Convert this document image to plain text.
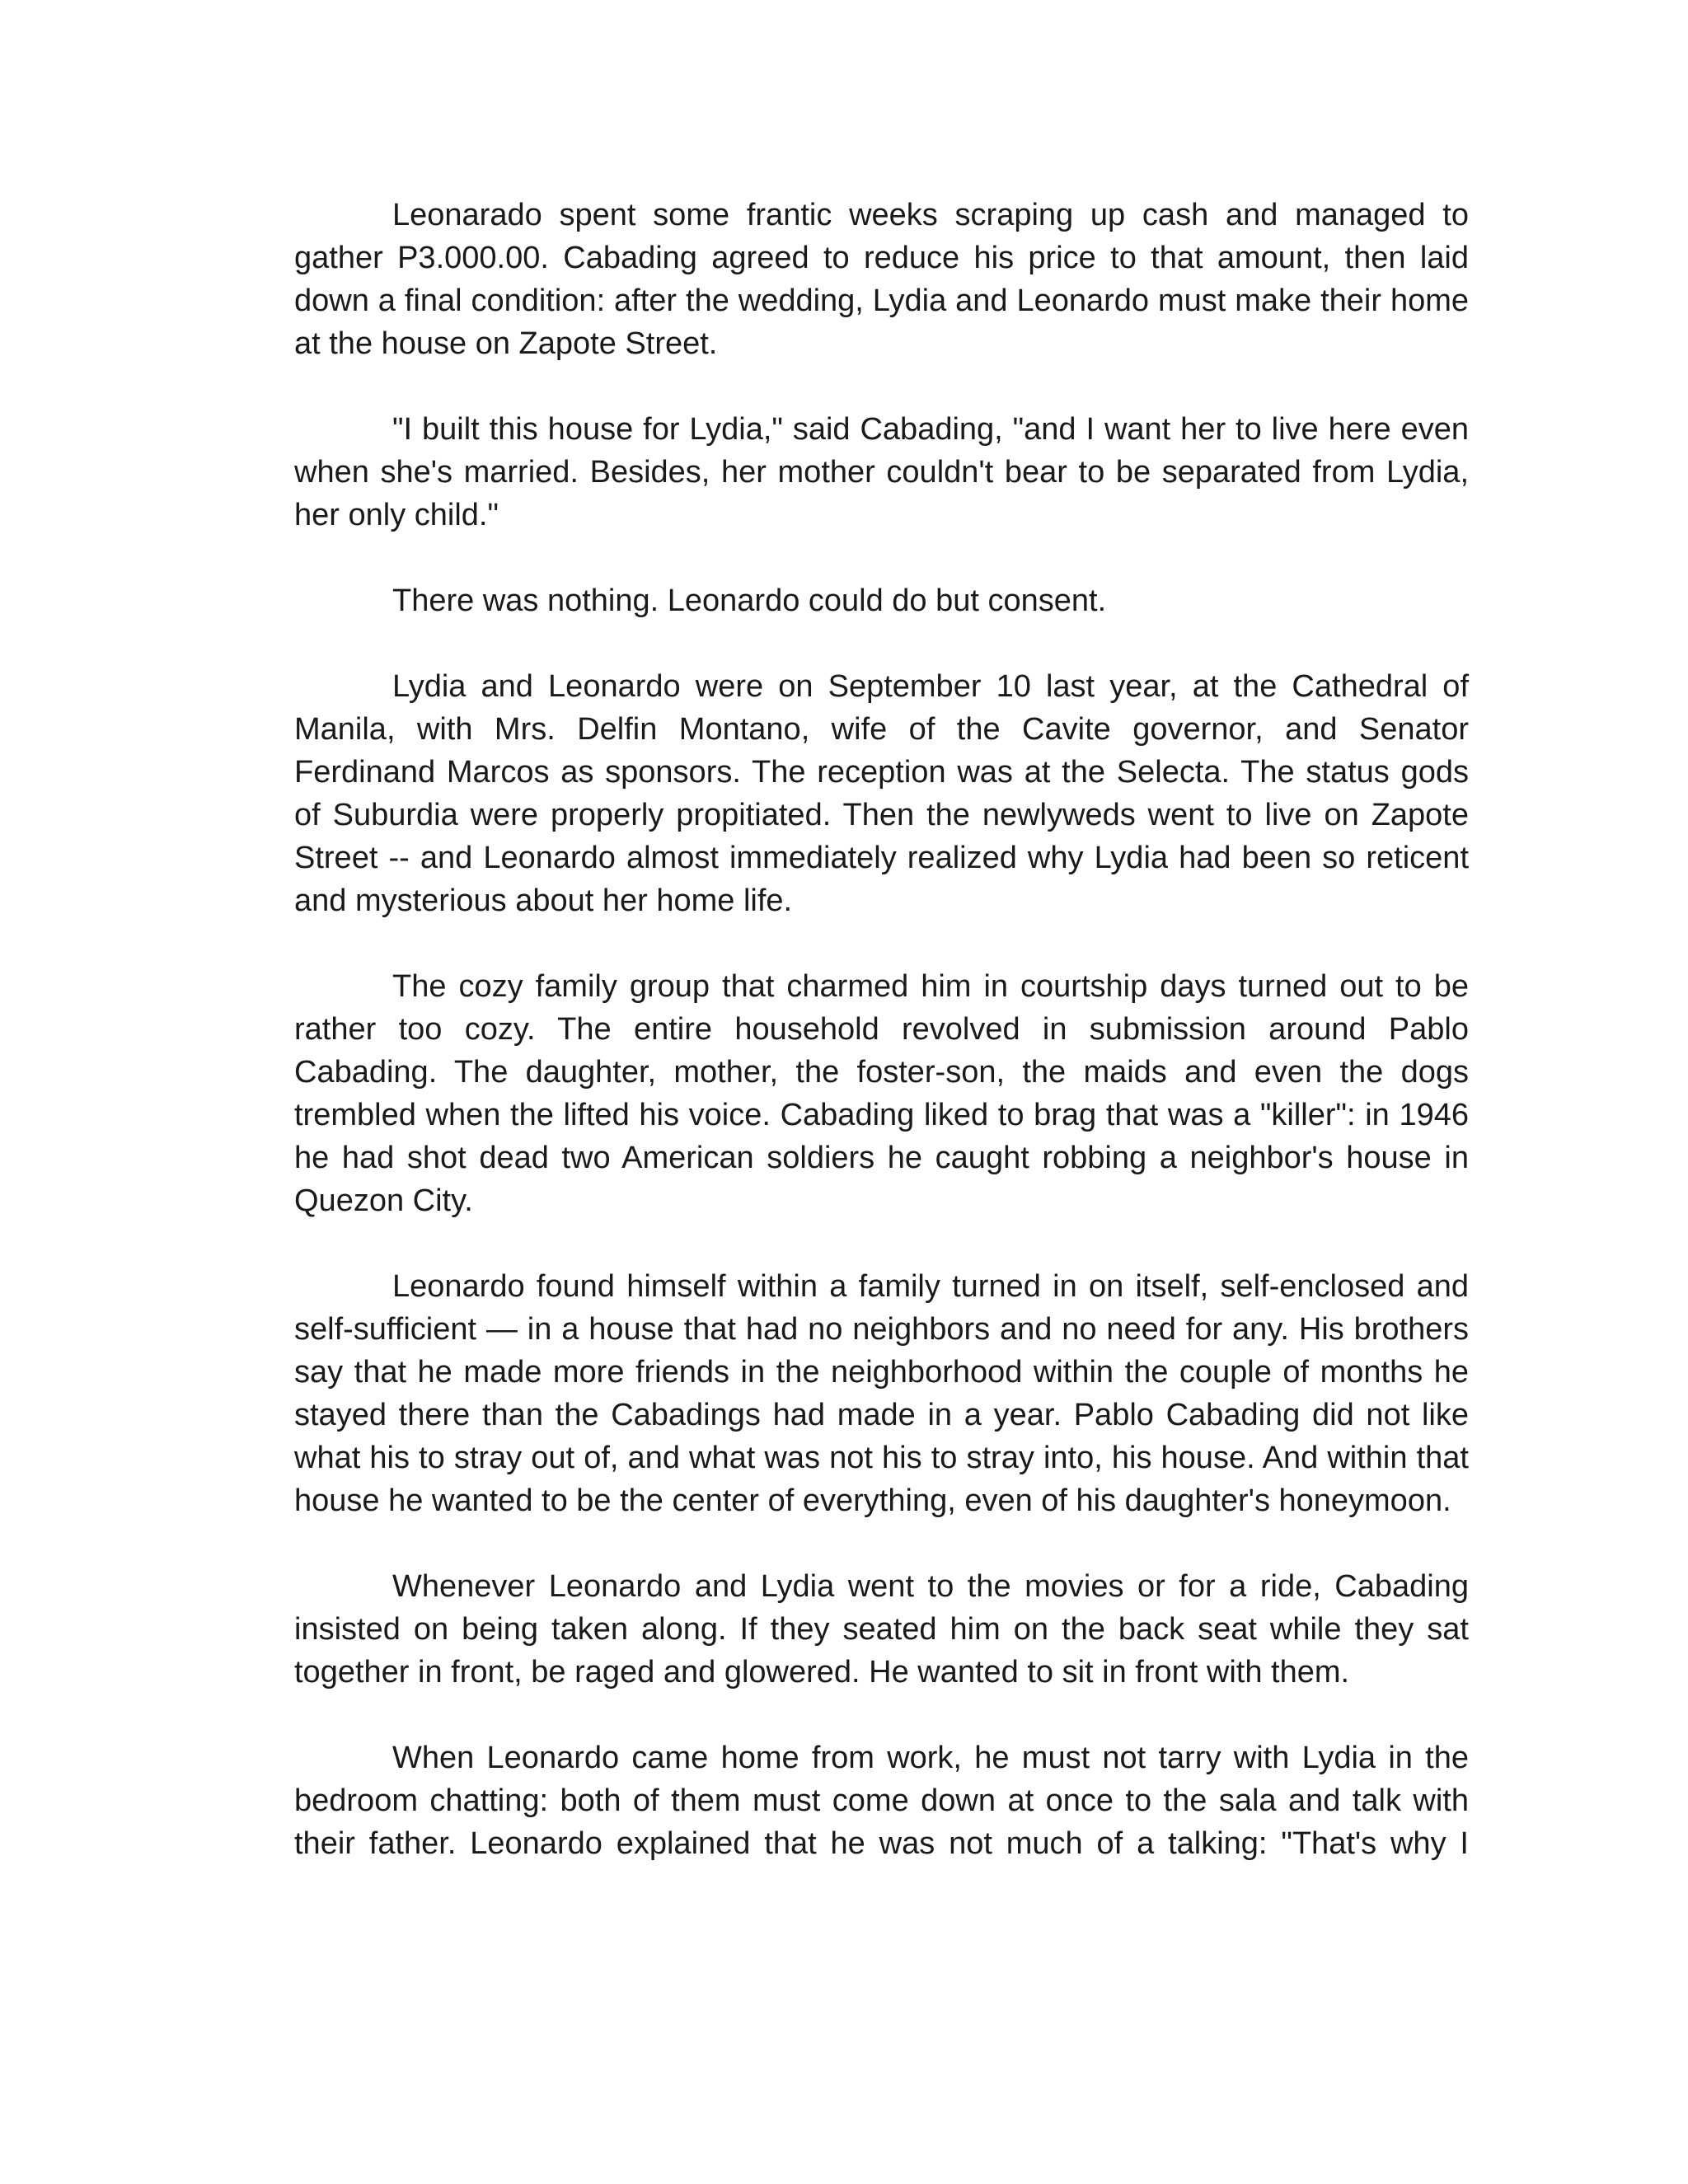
Leonarado spent some frantic weeks scraping up cash and managed to gather P3.000.00. Cabading agreed to reduce his price to that amount, then laid down a final condition: after the wedding, Lydia and Leonardo must make their home at the house on Zapote Street.

"I built this house for Lydia," said Cabading, "and I want her to live here even when she's married. Besides, her mother couldn't bear to be separated from Lydia, her only child."

There was nothing. Leonardo could do but consent.

Lydia and Leonardo were on September 10 last year, at the Cathedral of Manila, with Mrs. Delfin Montano, wife of the Cavite governor, and Senator Ferdinand Marcos as sponsors. The reception was at the Selecta. The status gods of Suburdia were properly propitiated. Then the newlyweds went to live on Zapote Street -- and Leonardo almost immediately realized why Lydia had been so reticent and mysterious about her home life.

The cozy family group that charmed him in courtship days turned out to be rather too cozy. The entire household revolved in submission around Pablo Cabading. The daughter, mother, the foster-son, the maids and even the dogs trembled when the lifted his voice. Cabading liked to brag that was a "killer": in 1946 he had shot dead two American soldiers he caught robbing a neighbor's house in Quezon City.

Leonardo found himself within a family turned in on itself, self-enclosed and self-sufficient — in a house that had no neighbors and no need for any. His brothers say that he made more friends in the neighborhood within the couple of months he stayed there than the Cabadings had made in a year. Pablo Cabading did not like what his to stray out of, and what was not his to stray into, his house. And within that house he wanted to be the center of everything, even of his daughter's honeymoon.

Whenever Leonardo and Lydia went to the movies or for a ride, Cabading insisted on being taken along. If they seated him on the back seat while they sat together in front, be raged and glowered. He wanted to sit in front with them.

When Leonardo came home from work, he must not tarry with Lydia in the bedroom chatting: both of them must come down at once to the sala and talk with their father. Leonardo explained that he was not much of a talking: "That's why I
